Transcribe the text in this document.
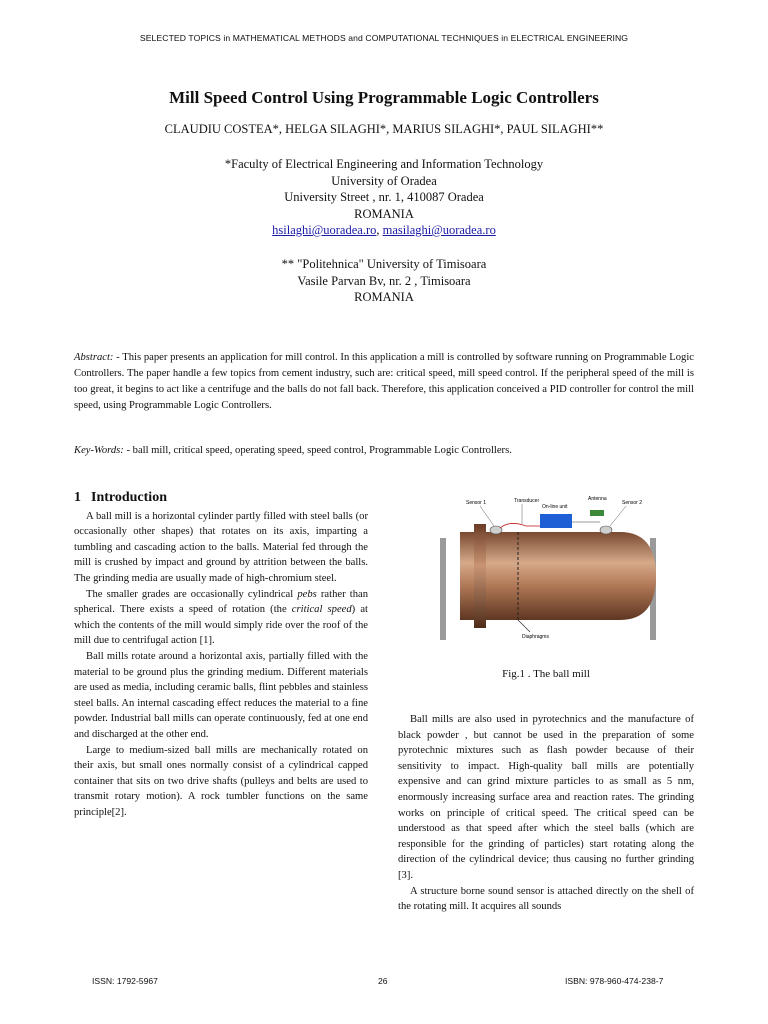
SELECTED TOPICS in MATHEMATICAL METHODS and COMPUTATIONAL TECHNIQUES in ELECTRICAL ENGINEERING
Mill Speed Control Using Programmable Logic Controllers
CLAUDIU COSTEA*, HELGA SILAGHI*, MARIUS SILAGHI*, PAUL SILAGHI**
*Faculty of Electrical Engineering and Information Technology
University of Oradea
University Street , nr. 1, 410087 Oradea
ROMANIA
hsilaghi@uoradea.ro, masilaghi@uoradea.ro
** "Politehnica" University of Timisoara
Vasile Parvan Bv, nr. 2 , Timisoara
ROMANIA
Abstract: - This paper presents an application for mill control. In this application a mill is controlled by software running on Programmable Logic Controllers. The paper handle a few topics from cement industry, such are: critical speed, mill speed control. If the peripheral speed of the mill is too great, it begins to act like a centrifuge and the balls do not fall back. Therefore, this application conceived a PID controller for control the mill speed, using Programmable Logic Controllers.
Key-Words: - ball mill, critical speed, operating speed, speed control, Programmable Logic Controllers.
1 Introduction

A ball mill is a horizontal cylinder partly filled with steel balls (or occasionally other shapes) that rotates on its axis, imparting a tumbling and cascading action to the balls. Material fed through the mill is crushed by impact and ground by attrition between the balls. The grinding media are usually made of high-chromium steel.

The smaller grades are occasionally cylindrical pebs rather than spherical. There exists a speed of rotation (the critical speed) at which the contents of the mill would simply ride over the roof of the mill due to centrifugal action [1].

Ball mills rotate around a horizontal axis, partially filled with the material to be ground plus the grinding medium. Different materials are used as media, including ceramic balls, flint pebbles and stainless steel balls. An internal cascading effect reduces the material to a fine powder. Industrial ball mills can operate continuously, fed at one end and discharged at the other end.

Large to medium-sized ball mills are mechanically rotated on their axis, but small ones normally consist of a cylindrical capped container that sits on two drive shafts (pulleys and belts are used to transmit rotary motion). A rock tumbler functions on the same principle[2].

Sensor 1	Transducer
On-line unit
Antenna
Sensor 2
Diaphragms
Fig.1 . The ball mill

Ball mills are also used in pyrotechnics and the manufacture of black powder , but cannot be used in the preparation of some pyrotechnic mixtures such as flash powder because of their sensitivity to impact. High-quality ball mills are potentially expensive and can grind mixture particles to as small as 5 nm, enormously increasing surface area and reaction rates. The grinding works on principle of critical speed. The critical speed can be understood as that speed after which the steel balls (which are responsible for the grinding of particles) start rotating along the direction of the cylindrical device; thus causing no further grinding [3].

A structure borne sound sensor is attached directly on the shell of the rotating mill. It acquires all sounds

ISSN: 1792-5967	26	ISBN: 978-960-474-238-7
